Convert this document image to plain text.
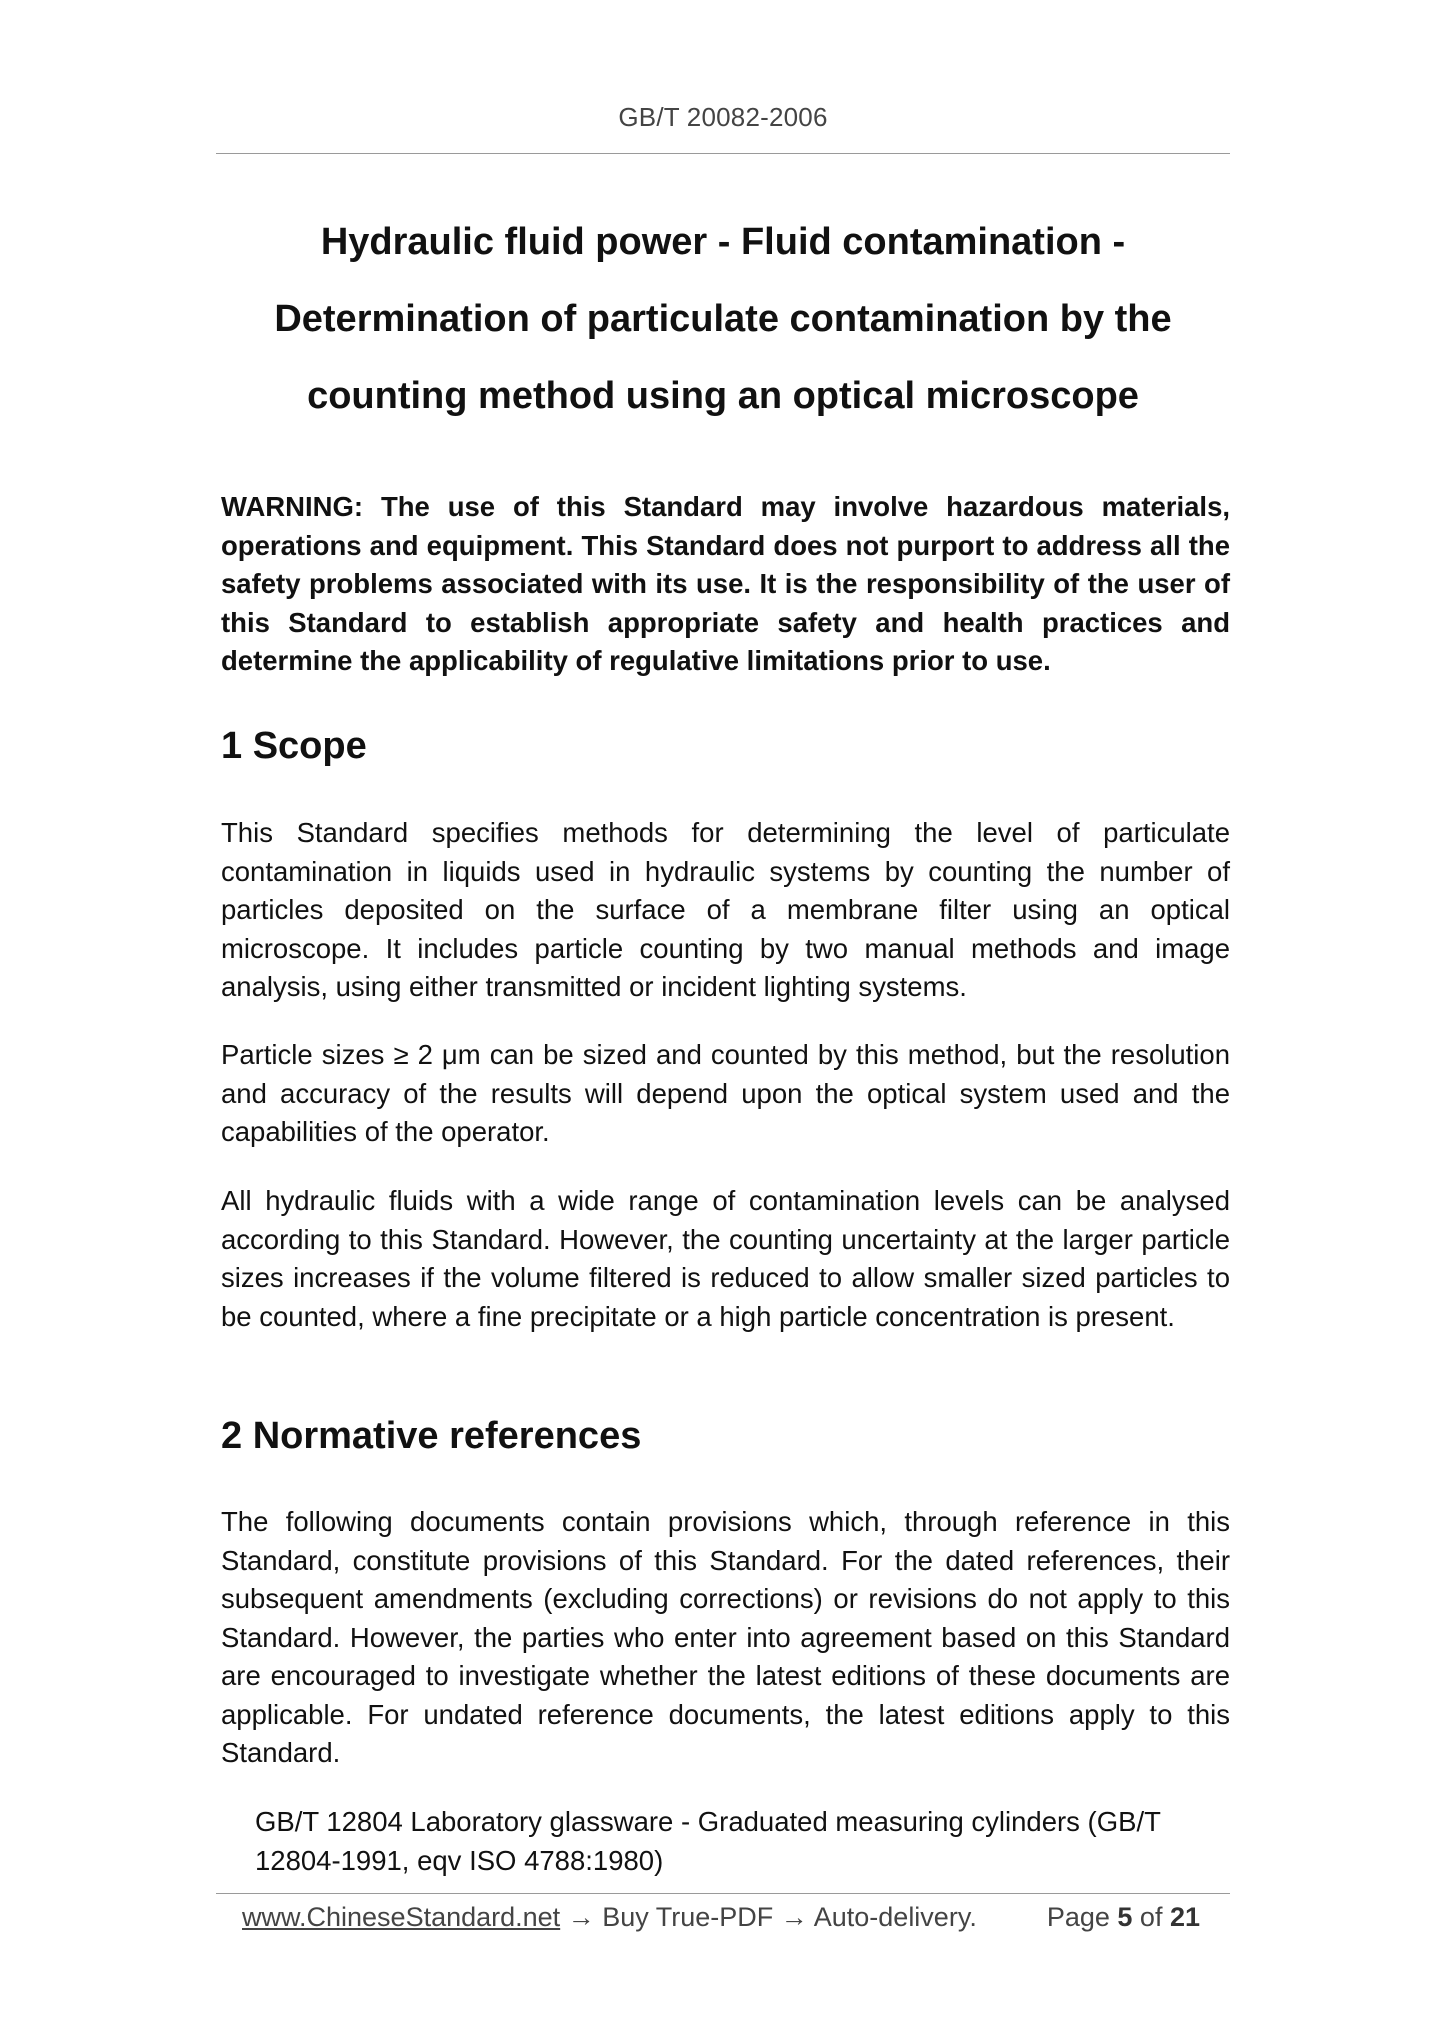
GB/T 20082-2006
Hydraulic fluid power - Fluid contamination -
Determination of particulate contamination by the
counting method using an optical microscope

WARNING: The use of this Standard may involve hazardous materials, operations and equipment. This Standard does not purport to address all the safety problems associated with its use. It is the responsibility of the user of this Standard to establish appropriate safety and health practices and determine the applicability of regulative limitations prior to use.

1 Scope

This Standard specifies methods for determining the level of particulate contamination in liquids used in hydraulic systems by counting the number of particles deposited on the surface of a membrane filter using an optical microscope. It includes particle counting by two manual methods and image analysis, using either transmitted or incident lighting systems.

Particle sizes ≥ 2 μm can be sized and counted by this method, but the resolution and accuracy of the results will depend upon the optical system used and the capabilities of the operator.

All hydraulic fluids with a wide range of contamination levels can be analysed according to this Standard. However, the counting uncertainty at the larger particle sizes increases if the volume filtered is reduced to allow smaller sized particles to be counted, where a fine precipitate or a high particle concentration is present.

2 Normative references

The following documents contain provisions which, through reference in this Standard, constitute provisions of this Standard. For the dated references, their subsequent amendments (excluding corrections) or revisions do not apply to this Standard. However, the parties who enter into agreement based on this Standard are encouraged to investigate whether the latest editions of these documents are applicable. For undated reference documents, the latest editions apply to this Standard.

GB/T 12804 Laboratory glassware - Graduated measuring cylinders (GB/T 12804-1991, eqv ISO 4788:1980)

www.ChineseStandard.net → Buy True-PDF → Auto-delivery.	Page 5 of 21
